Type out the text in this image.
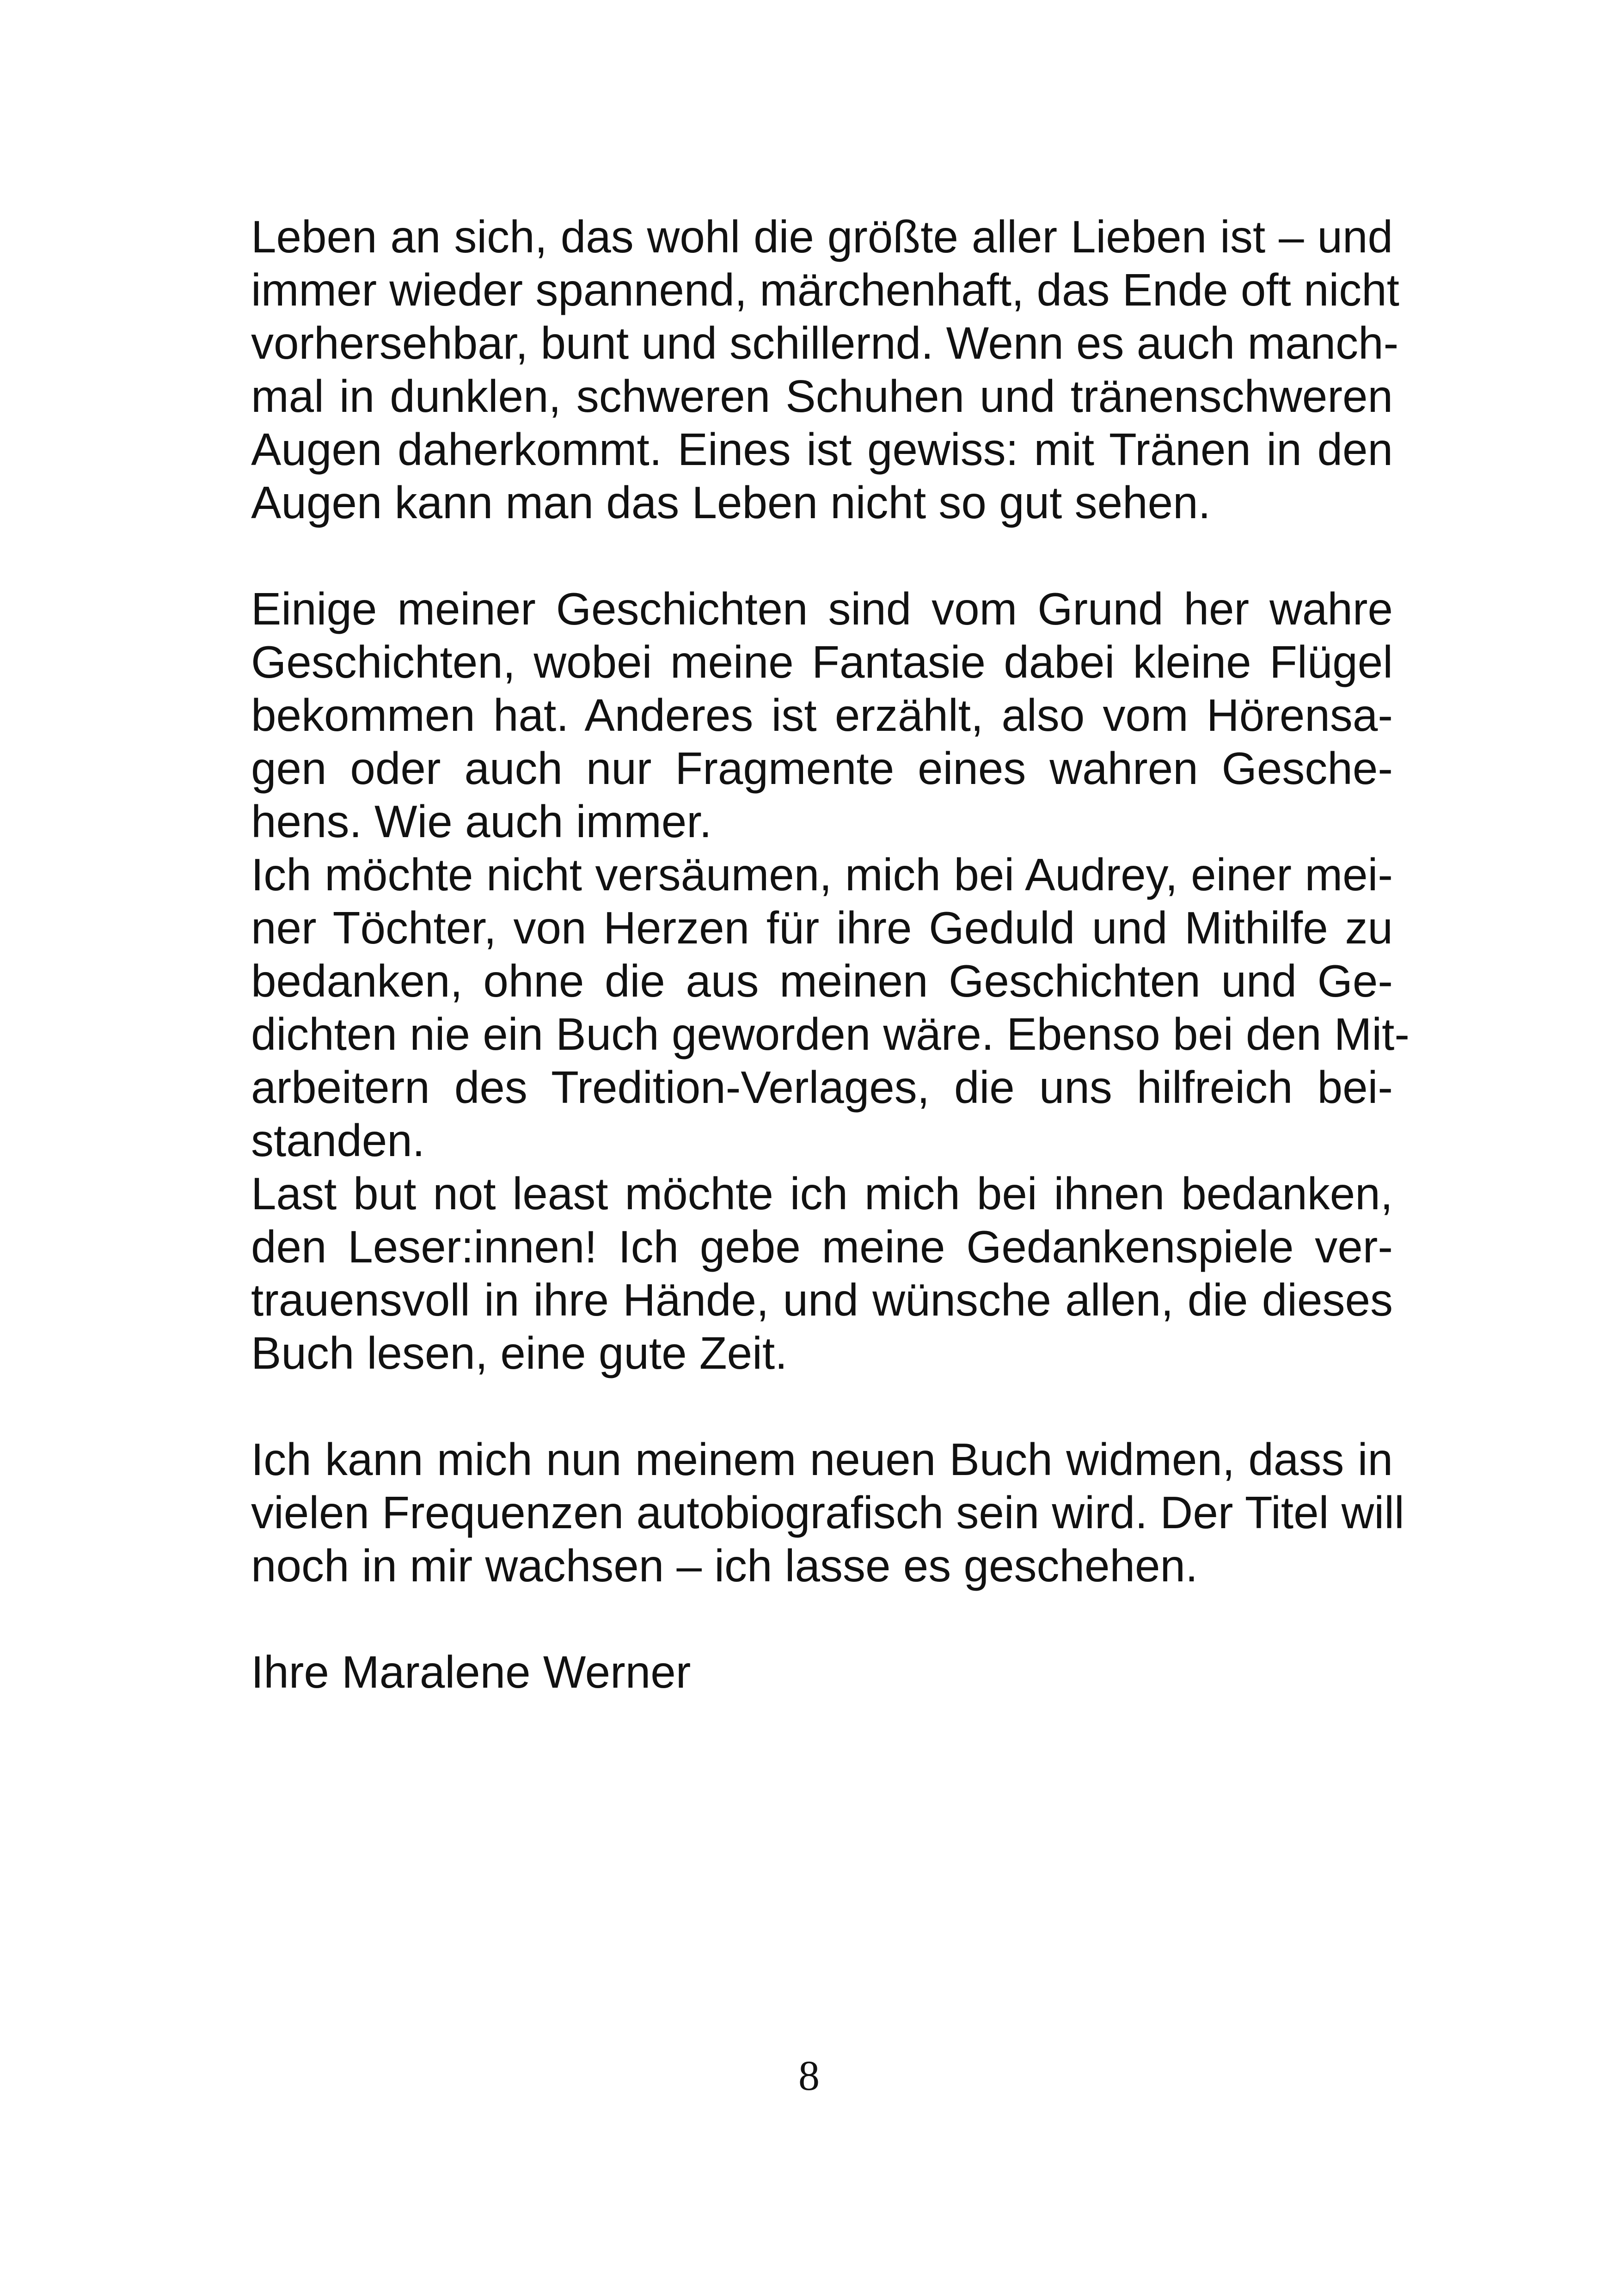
Leben an sich, das wohl die größte aller Lieben ist – und
immer wieder spannend, märchenhaft, das Ende oft nicht
vorhersehbar, bunt und schillernd. Wenn es auch manch-
mal in dunklen, schweren Schuhen und tränenschweren
Augen daherkommt. Eines ist gewiss: mit Tränen in den
Augen kann man das Leben nicht so gut sehen.

Einige meiner Geschichten sind vom Grund her wahre
Geschichten, wobei meine Fantasie dabei kleine Flügel
bekommen hat. Anderes ist erzählt, also vom Hörensa-
gen oder auch nur Fragmente eines wahren Gesche-
hens. Wie auch immer.

Ich möchte nicht versäumen, mich bei Audrey, einer mei-
ner Töchter, von Herzen für ihre Geduld und Mithilfe zu
bedanken, ohne die aus meinen Geschichten und Ge-
dichten nie ein Buch geworden wäre. Ebenso bei den Mit-
arbeitern des Tredition-Verlages, die uns hilfreich bei-
standen.

Last but not least möchte ich mich bei ihnen bedanken,
den Leser:innen! Ich gebe meine Gedankenspiele ver-
trauensvoll in ihre Hände, und wünsche allen, die dieses
Buch lesen, eine gute Zeit.

Ich kann mich nun meinem neuen Buch widmen, dass in
vielen Frequenzen autobiografisch sein wird. Der Titel will
noch in mir wachsen – ich lasse es geschehen.

Ihre Maralene Werner

8
